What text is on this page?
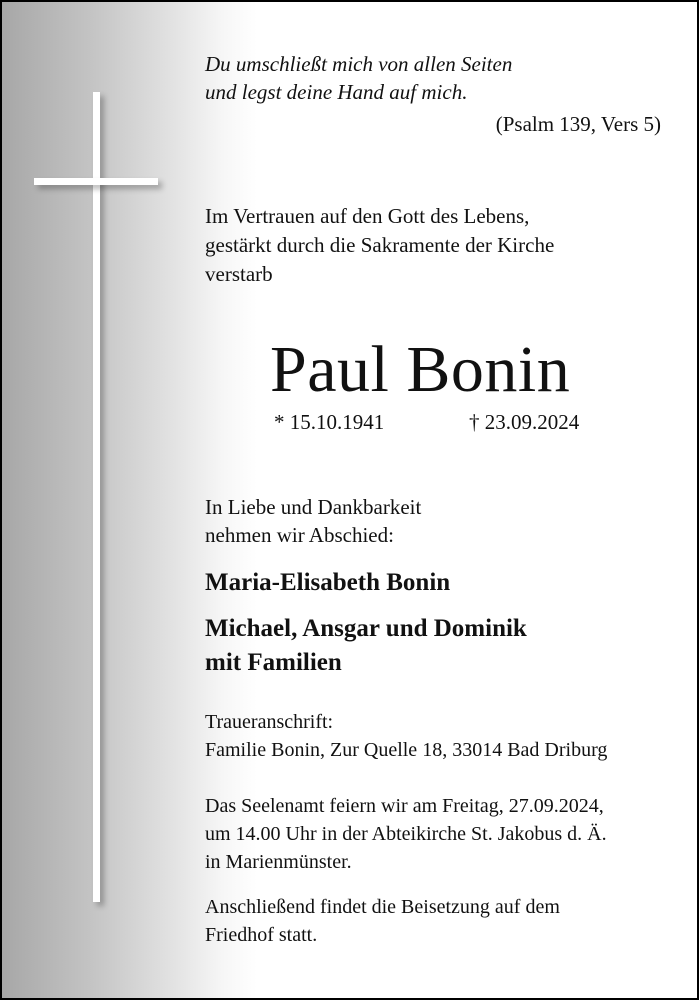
Du umschließt mich von allen Seiten
und legst deine Hand auf mich.
(Psalm 139, Vers 5)
Im Vertrauen auf den Gott des Lebens,
gestärkt durch die Sakramente der Kirche
verstarb
Paul Bonin
* 15.10.1941	† 23.09.2024
In Liebe und Dankbarkeit
nehmen wir Abschied:
Maria-Elisabeth Bonin
Michael, Ansgar und Dominik
mit Familien
Traueranschrift:
Familie Bonin, Zur Quelle 18, 33014 Bad Driburg
Das Seelenamt feiern wir am Freitag, 27.09.2024,
um 14.00 Uhr in der Abteikirche St. Jakobus d. Ä.
in Marienmünster.
Anschließend findet die Beisetzung auf dem
Friedhof statt.
